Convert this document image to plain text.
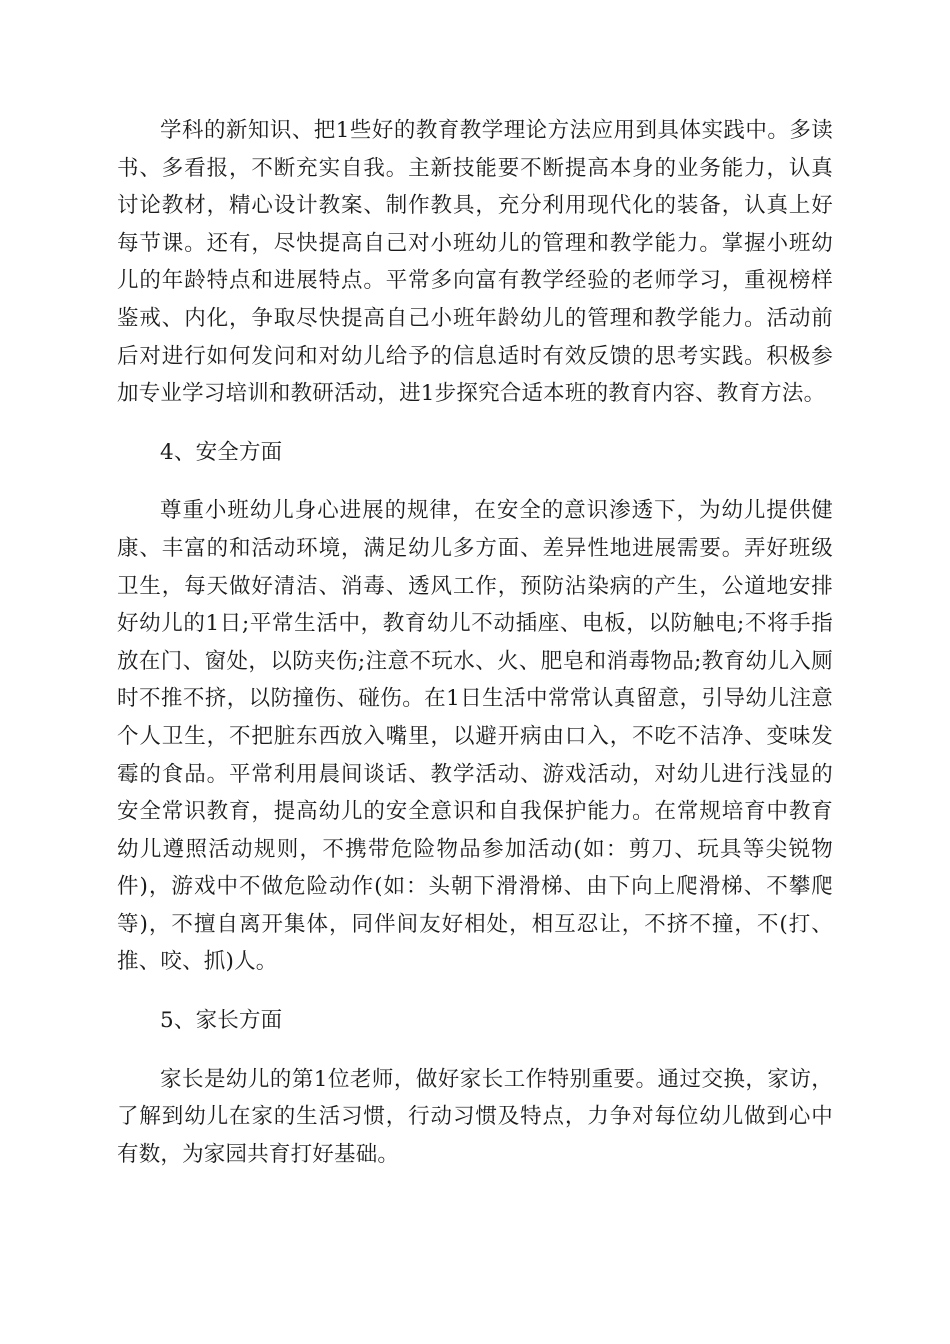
学科的新知识、把1些好的教育教学理论方法应用到具体实践中。多读书、多看报，不断充实自我。主新技能要不断提高本身的业务能力，认真讨论教材，精心设计教案、制作教具，充分利用现代化的装备，认真上好每节课。还有，尽快提高自己对小班幼儿的管理和教学能力。掌握小班幼儿的年龄特点和进展特点。平常多向富有教学经验的老师学习，重视榜样鉴戒、内化，争取尽快提高自己小班年龄幼儿的管理和教学能力。活动前后对进行如何发问和对幼儿给予的信息适时有效反馈的思考实践。积极参加专业学习培训和教研活动，进1步探究合适本班的教育内容、教育方法。

4、安全方面

尊重小班幼儿身心进展的规律，在安全的意识渗透下，为幼儿提供健康、丰富的和活动环境，满足幼儿多方面、差异性地进展需要。弄好班级卫生，每天做好清洁、消毒、透风工作，预防沾染病的产生，公道地安排好幼儿的1日;平常生活中，教育幼儿不动插座、电板，以防触电;不将手指放在门、窗处，以防夹伤;注意不玩水、火、肥皂和消毒物品;教育幼儿入厕时不推不挤，以防撞伤、碰伤。在1日生活中常常认真留意，引导幼儿注意个人卫生，不把脏东西放入嘴里，以避开病由口入，不吃不洁净、变味发霉的食品。平常利用晨间谈话、教学活动、游戏活动，对幼儿进行浅显的安全常识教育，提高幼儿的安全意识和自我保护能力。在常规培育中教育幼儿遵照活动规则，不携带危险物品参加活动(如：剪刀、玩具等尖锐物件)，游戏中不做危险动作(如：头朝下滑滑梯、由下向上爬滑梯、不攀爬等)，不擅自离开集体，同伴间友好相处，相互忍让，不挤不撞，不(打、推、咬、抓)人。

5、家长方面

家长是幼儿的第1位老师，做好家长工作特别重要。通过交换，家访，了解到幼儿在家的生活习惯，行动习惯及特点，力争对每位幼儿做到心中有数，为家园共育打好基础。
